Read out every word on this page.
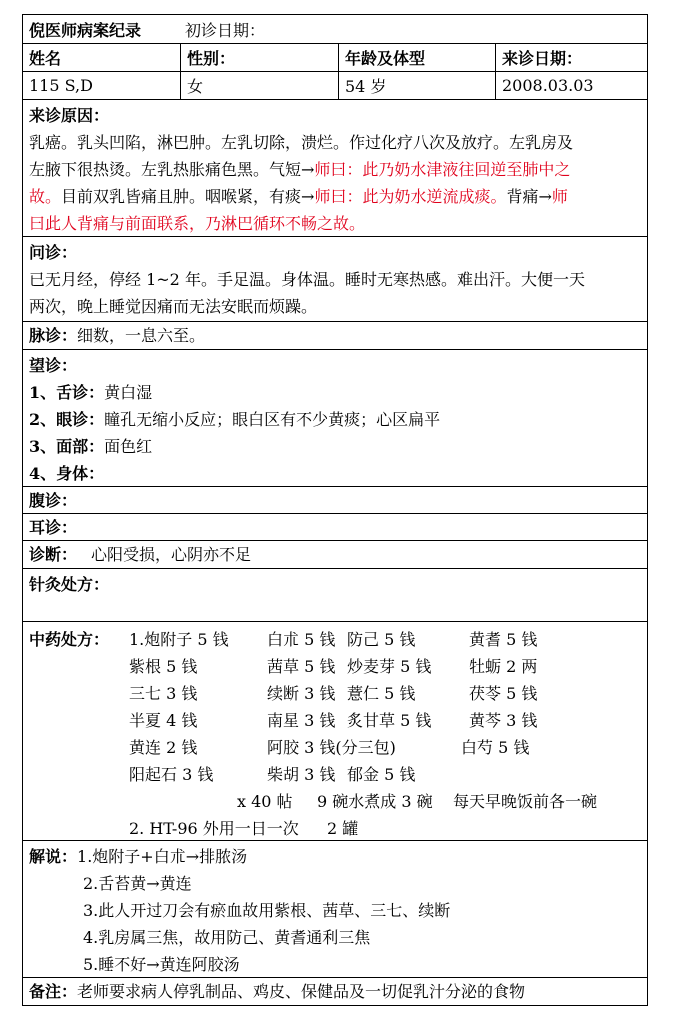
倪医师病案纪录	初诊日期：
姓名	性别：	年龄及体型	来诊日期：
115 S,D	女	54 岁	2008.03.03
来诊原因：
乳癌。乳头凹陷，淋巴肿。左乳切除，溃烂。作过化疗八次及放疗。左乳房及
左腋下很热烫。左乳热胀痛色黑。气短→师曰：此乃奶水津液往回逆至肺中之
故。目前双乳皆痛且肿。咽喉紧，有痰→师曰：此为奶水逆流成痰。背痛→师
曰此人背痛与前面联系，乃淋巴循环不畅之故。
问诊：
已无月经，停经 1~2 年。手足温。身体温。睡时无寒热感。难出汗。大便一天
两次，晚上睡觉因痛而无法安眠而烦躁。
脉诊：细数，一息六至。
望诊：
1、舌诊：黄白湿
2、眼诊：瞳孔无缩小反应；眼白区有不少黄痰；心区扁平
3、面部：面色红
4、身体：
腹诊：
耳诊：
诊断： 心阳受损，心阴亦不足
针灸处方：
中药处方： 1.炮附子 5 钱 白朮 5 钱 防己 5 钱	黄耆 5 钱
紫根 5 钱	茜草 5 钱 炒麦芽 5 钱 牡蛎 2 两
三七 3 钱	续断 3 钱 薏仁 5 钱	茯苓 5 钱
半夏 4 钱	南星 3 钱 炙甘草 5 钱 黄芩 3 钱
黄连 2 钱	阿胶 3 钱(分三包)	白芍 5 钱
阳起石 3 钱	柴胡 3 钱 郁金 5 钱
x 40 帖 9 碗水煮成 3 碗 每天早晚饭前各一碗
2. HT-96 外用一日一次 2 罐
解说：1.炮附子+白朮→排脓汤
2.舌苔黄→黄连
3.此人开过刀会有瘀血故用紫根、茜草、三七、续断
4.乳房属三焦，故用防己、黄耆通利三焦
5.睡不好→黄连阿胶汤
备注：老师要求病人停乳制品、鸡皮、保健品及一切促乳汁分泌的食物
